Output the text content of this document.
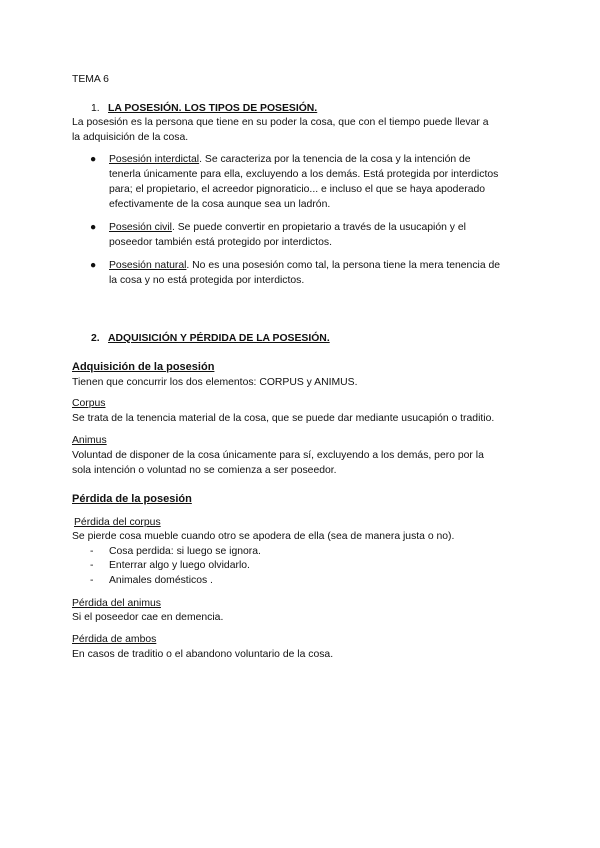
TEMA 6
1. LA POSESIÓN. LOS TIPOS DE POSESIÓN.
La posesión es la persona que tiene en su poder la cosa, que con el tiempo puede llevar a
la adquisición de la cosa.
● Posesión interdictal. Se caracteriza por la tenencia de la cosa y la intención de
tenerla únicamente para ella, excluyendo a los demás. Está protegida por interdictos
para; el propietario, el acreedor pignoraticio... e incluso el que se haya apoderado
efectivamente de la cosa aunque sea un ladrón.
● Posesión civil. Se puede convertir en propietario a través de la usucapión y el
poseedor también está protegido por interdictos.
● Posesión natural. No es una posesión como tal, la persona tiene la mera tenencia de
la cosa y no está protegida por interdictos.
2. ADQUISICIÓN Y PÉRDIDA DE LA POSESIÓN.
Adquisición de la posesión
Tienen que concurrir los dos elementos: CORPUS y ANIMUS.
Corpus
Se trata de la tenencia material de la cosa, que se puede dar mediante usucapión o traditio.
Animus
Voluntad de disponer de la cosa únicamente para sí, excluyendo a los demás, pero por la
sola intención o voluntad no se comienza a ser poseedor.
Pérdida de la posesión
Pérdida del corpus
Se pierde cosa mueble cuando otro se apodera de ella (sea de manera justa o no).
- Cosa perdida: si luego se ignora.
- Enterrar algo y luego olvidarlo.
- Animales domésticos .
Pérdida del animus
Si el poseedor cae en demencia.
Pérdida de ambos
En casos de traditio o el abandono voluntario de la cosa.
